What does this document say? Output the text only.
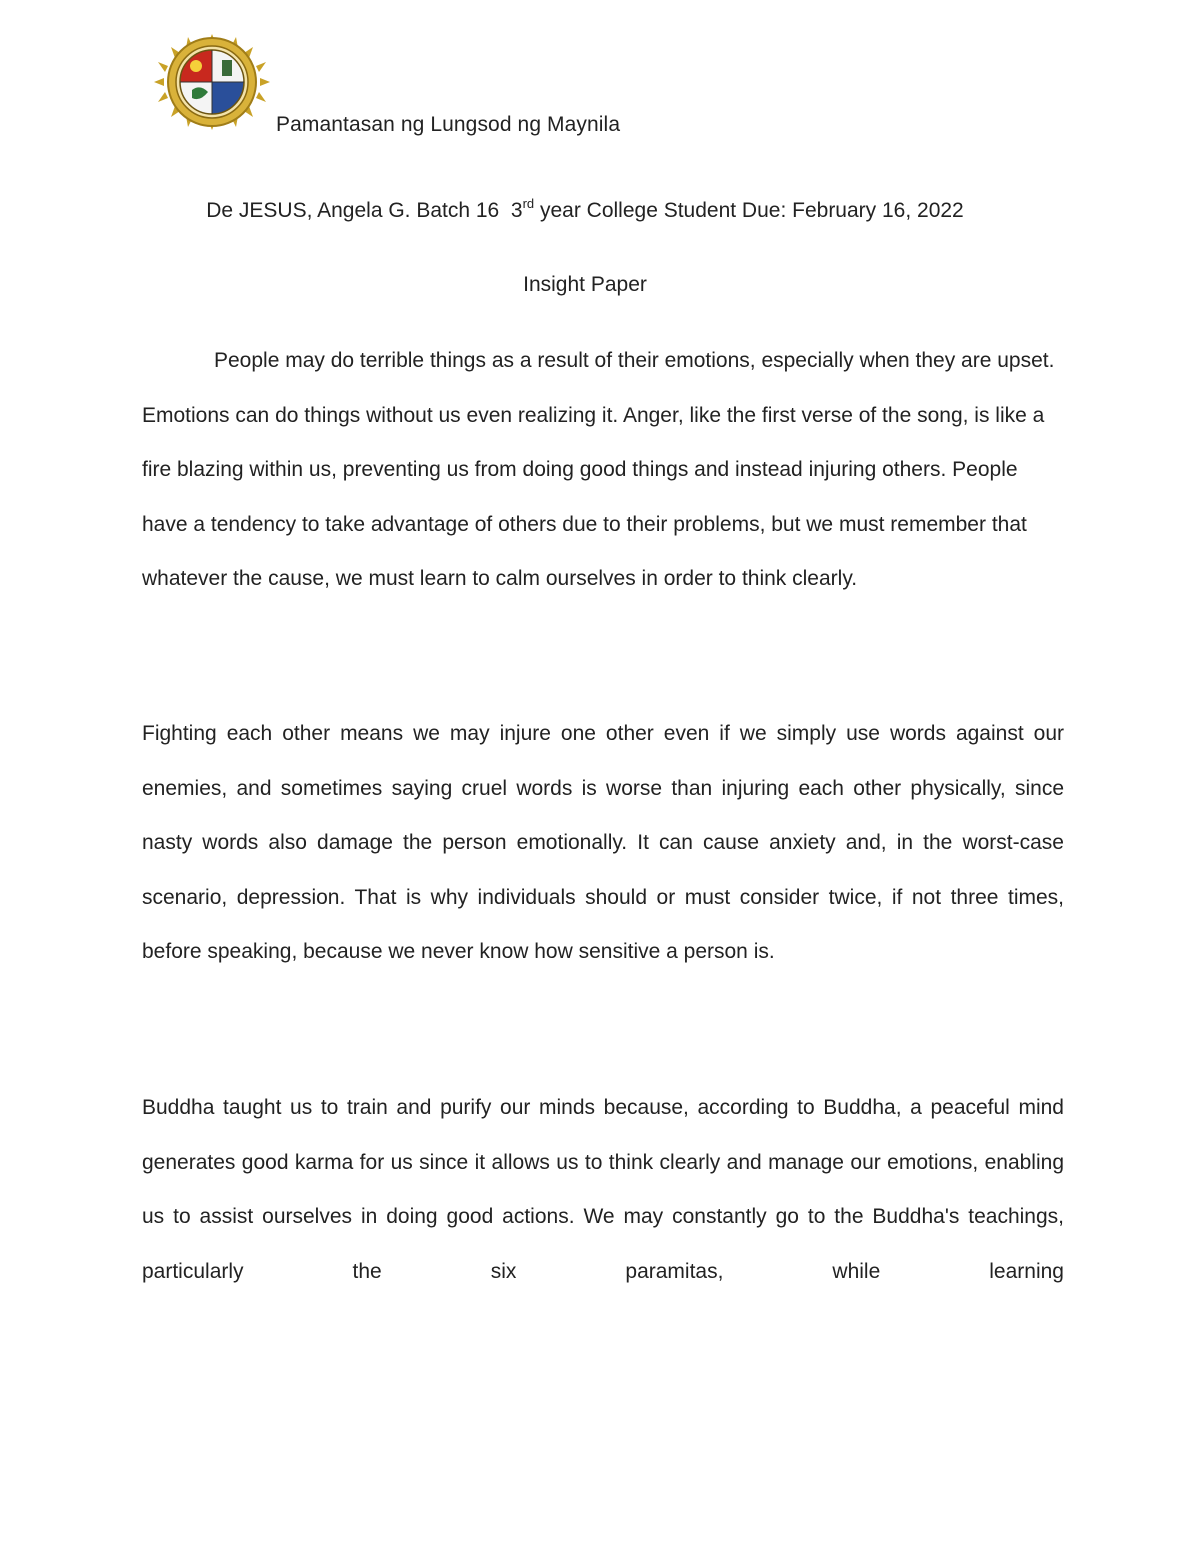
Pamantasan ng Lungsod ng Maynila
De JESUS, Angela G. Batch 16  3rd year College Student Due: February 16, 2022
Insight Paper

People may do terrible things as a result of their emotions, especially when they are upset. Emotions can do things without us even realizing it. Anger, like the first verse of the song, is like a fire blazing within us, preventing us from doing good things and instead injuring others. People have a tendency to take advantage of others due to their problems, but we must remember that whatever the cause, we must learn to calm ourselves in order to think clearly.

Fighting each other means we may injure one other even if we simply use words against our enemies, and sometimes saying cruel words is worse than injuring each other physically, since nasty words also damage the person emotionally. It can cause anxiety and, in the worst-case scenario, depression. That is why individuals should or must consider twice, if not three times, before speaking, because we never know how sensitive a person is.

Buddha taught us to train and purify our minds because, according to Buddha, a peaceful mind generates good karma for us since it allows us to think clearly and manage our emotions, enabling us to assist ourselves in doing good actions. We may constantly go to the Buddha's teachings, particularly the six paramitas, while learning
